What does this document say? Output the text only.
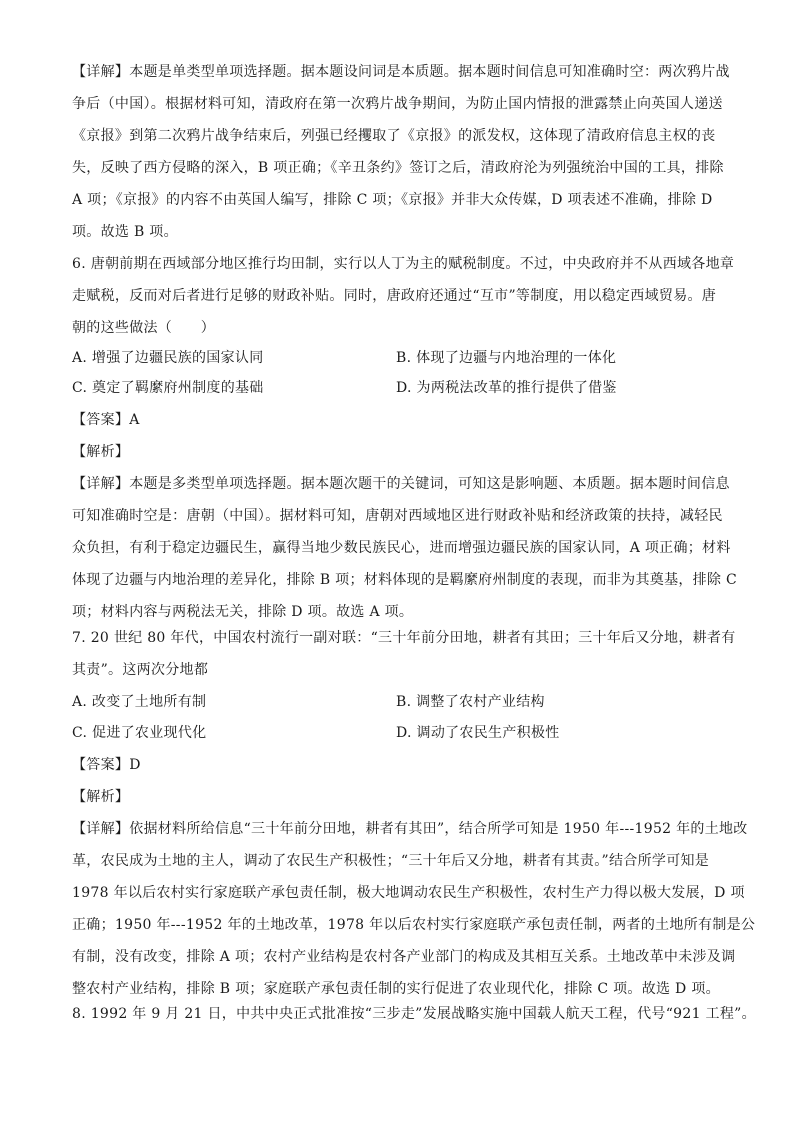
【详解】本题是单类型单项选择题。据本题设问词是本质题。据本题时间信息可知准确时空：两次鸦片战
争后（中国）。根据材料可知，清政府在第一次鸦片战争期间，为防止国内情报的泄露禁止向英国人递送
《京报》到第二次鸦片战争结束后，列强已经攫取了《京报》的派发权，这体现了清政府信息主权的丧
失，反映了西方侵略的深入，B 项正确；《辛丑条约》签订之后，清政府沦为列强统治中国的工具，排除
A 项；《京报》的内容不由英国人编写，排除 C 项；《京报》并非大众传媒，D 项表述不准确，排除 D
项。故选 B 项。
6. 唐朝前期在西域部分地区推行均田制，实行以人丁为主的赋税制度。不过，中央政府并不从西域各地章
走赋税，反而对后者进行足够的财政补贴。同时，唐政府还通过“互市”等制度，用以稳定西域贸易。唐
朝的这些做法（　　）
A. 增强了边疆民族的国家认同	B. 体现了边疆与内地治理的一体化
C. 奠定了羁縻府州制度的基础	D. 为两税法改革的推行提供了借鉴
【答案】A
【解析】
【详解】本题是多类型单项选择题。据本题次题干的关键词，可知这是影响题、本质题。据本题时间信息
可知准确时空是：唐朝（中国）。据材料可知，唐朝对西域地区进行财政补贴和经济政策的扶持，减轻民
众负担，有利于稳定边疆民生，赢得当地少数民族民心，进而增强边疆民族的国家认同，A 项正确；材料
体现了边疆与内地治理的差异化，排除 B 项；材料体现的是羁縻府州制度的表现，而非为其奠基，排除 C
项；材料内容与两税法无关，排除 D 项。故选 A 项。
7. 20 世纪 80 年代，中国农村流行一副对联：“三十年前分田地，耕者有其田；三十年后又分地，耕者有
其责”。这两次分地都
A. 改变了土地所有制	B. 调整了农村产业结构
C. 促进了农业现代化	D. 调动了农民生产积极性
【答案】D
【解析】
【详解】依据材料所给信息“三十年前分田地，耕者有其田”，结合所学可知是 1950 年---1952 年的土地改
革，农民成为土地的主人，调动了农民生产积极性；“三十年后又分地，耕者有其责。”结合所学可知是
1978 年以后农村实行家庭联产承包责任制，极大地调动农民生产积极性，农村生产力得以极大发展，D 项
正确；1950 年---1952 年的土地改革，1978 年以后农村实行家庭联产承包责任制，两者的土地所有制是公
有制，没有改变，排除 A 项；农村产业结构是农村各产业部门的构成及其相互关系。土地改革中未涉及调
整农村产业结构，排除 B 项；家庭联产承包责任制的实行促进了农业现代化，排除 C 项。故选 D 项。
8. 1992 年 9 月 21 日，中共中央正式批准按“三步走”发展战略实施中国载人航天工程，代号“921 工程”。
